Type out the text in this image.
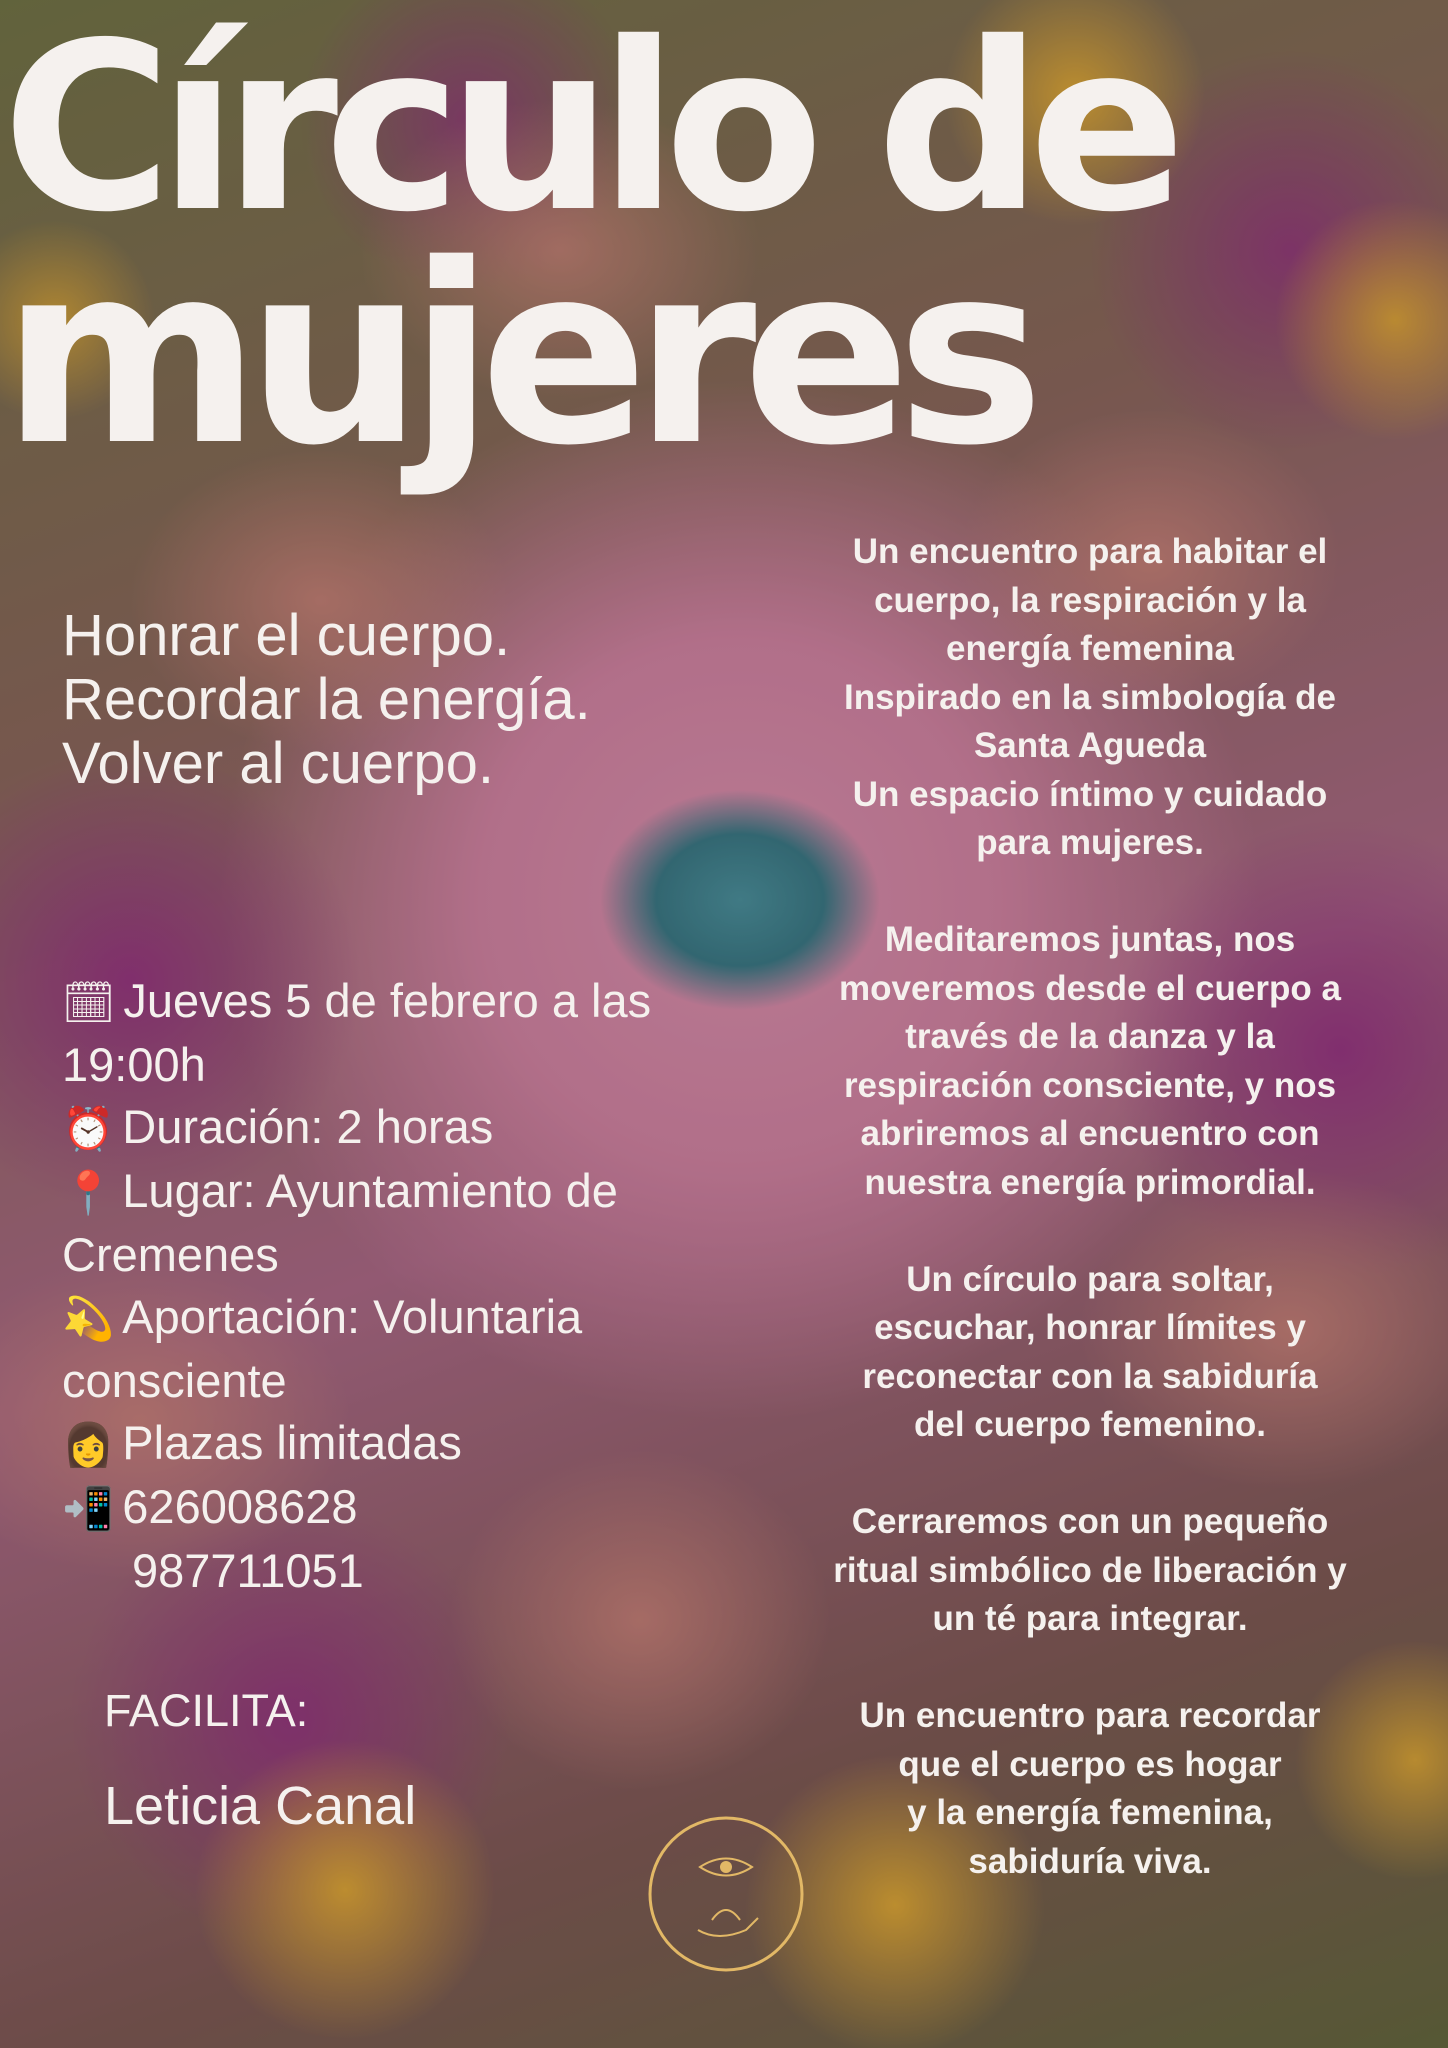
Círculo de
mujeres
Honrar el cuerpo.
Recordar la energía.
Volver al cuerpo.
🗓 Jueves 5 de febrero a las
19:00h
⏰ Duración: 2 horas
📍 Lugar: Ayuntamiento de
Cremenes
💫 Aportación: Voluntaria
consciente
👩 Plazas limitadas
📲 626008628
987711051

FACILITA:

Leticia Canal

Un encuentro para habitar el
cuerpo, la respiración y la
energía femenina
Inspirado en la simbología de
Santa Agueda
Un espacio íntimo y cuidado
para mujeres.

Meditaremos juntas, nos
moveremos desde el cuerpo a
través de la danza y la
respiración consciente, y nos
abriremos al encuentro con
nuestra energía primordial.

Un círculo para soltar,
escuchar, honrar límites y
reconectar con la sabiduría
del cuerpo femenino.

Cerraremos con un pequeño
ritual simbólico de liberación y
un té para integrar.

Un encuentro para recordar
que el cuerpo es hogar
y la energía femenina,
sabiduría viva.
